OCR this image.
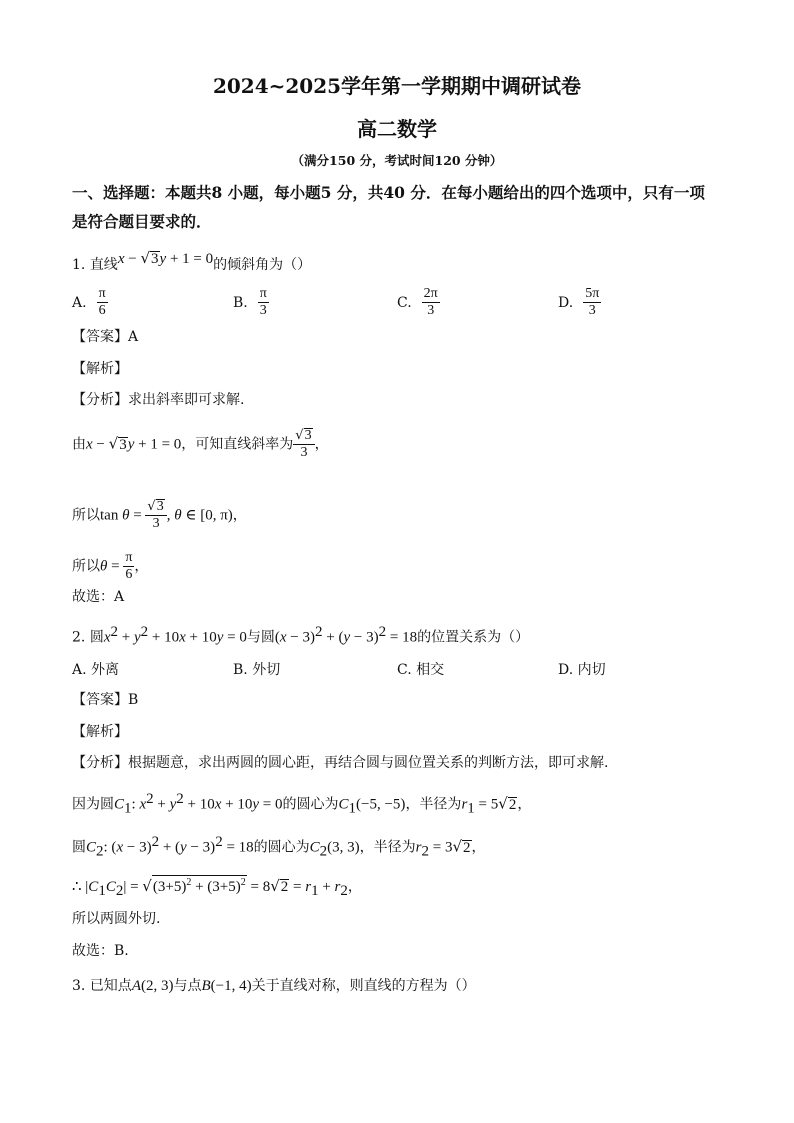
2024~2025学年第一学期期中调研试卷
高二数学
（满分150 分，考试时间120 分钟）
一、选择题：本题共8 小题，每小题5 分，共40 分．在每小题给出的四个选项中，只有一项
是符合题目要求的．
1. 直线x − √3y + 1 = 0的倾斜角为（）
A. $\frac{\pi}{6}$	B. $\frac{\pi}{3}$	C. $\frac{2\pi}{3}$	D. $\frac{5\pi}{3}$
【答案】A
【解析】
【分析】求出斜率即可求解.
由x − √3y + 1 = 0，可知直线斜率为 $\frac{√3}{3}$ ，
所以$\tan \theta = \frac{√3}{3}$ , θ ∈ [0, π)，
所以$\theta = \frac{\pi}{6}$ ，
故选：A
2. 圆$x^2 + y^2 + 10x + 10y = 0$与圆$(x - 3)^2 + (y - 3)^2 = 18$的位置关系为（）
A. 外离	B. 外切	C. 相交	D. 内切
【答案】B
【解析】
【分析】根据题意，求出两圆的圆心距，再结合圆与圆位置关系的判断方法，即可求解.
因为圆$C_1$: $x^2 + y^2 + 10x + 10y = 0$的圆心为$C_1(-5$, −5)，半径为$r_1 = 5√2$，
圆$C_2$: $(x - 3)^2 + (y - 3)^2 = 18$的圆心为$C_2(3$, 3)，半径为$r_2 = 3√2$，
∴ $|C_1C_2| = √(3+5)^2 + (3+5)^2 = 8√2 = r_1 + r_2$，
所以两圆外切.
故选：B.
3. 已知点A(2, 3)与点B(−1, 4)关于直线对称，则直线的方程为（）
